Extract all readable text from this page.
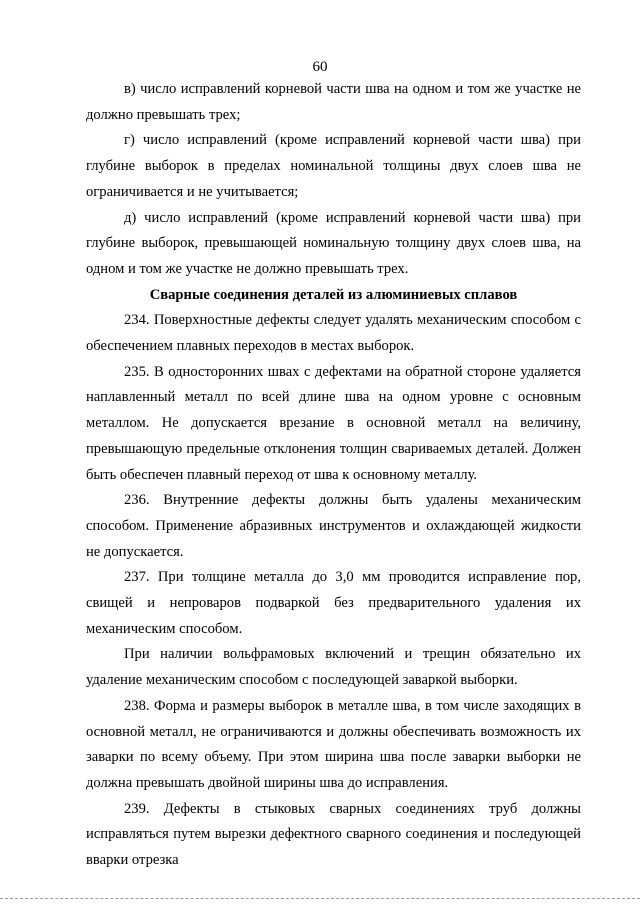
60

в) число исправлений корневой части шва на одном и том же участке не должно превышать трех;

г) число исправлений (кроме исправлений корневой части шва) при глубине выборок в пределах номинальной толщины двух слоев шва не ограничивается и не учитывается;

д) число исправлений (кроме исправлений корневой части шва) при глубине выборок, превышающей номинальную толщину двух слоев шва, на одном и том же участке не должно превышать трех.

Сварные соединения деталей из алюминиевых сплавов

234. Поверхностные дефекты следует удалять механическим способом с обеспечением плавных переходов в местах выборок.

235. В односторонних швах с дефектами на обратной стороне удаляется наплавленный металл по всей длине шва на одном уровне с основным металлом. Не допускается врезание в основной металл на величину, превышающую предельные отклонения толщин свариваемых деталей. Должен быть обеспечен плавный переход от шва к основному металлу.

236. Внутренние дефекты должны быть удалены механическим способом. Применение абразивных инструментов и охлаждающей жидкости не допускается.

237. При толщине металла до 3,0 мм проводится исправление пор, свищей и непроваров подваркой без предварительного удаления их механическим способом.

При наличии вольфрамовых включений и трещин обязательно их удаление механическим способом с последующей заваркой выборки.

238. Форма и размеры выборок в металле шва, в том числе заходящих в основной металл, не ограничиваются и должны обеспечивать возможность их заварки по всему объему. При этом ширина шва после заварки выборки не должна превышать двойной ширины шва до исправления.

239. Дефекты в стыковых сварных соединениях труб должны исправляться путем вырезки дефектного сварного соединения и последующей вварки отрезка
